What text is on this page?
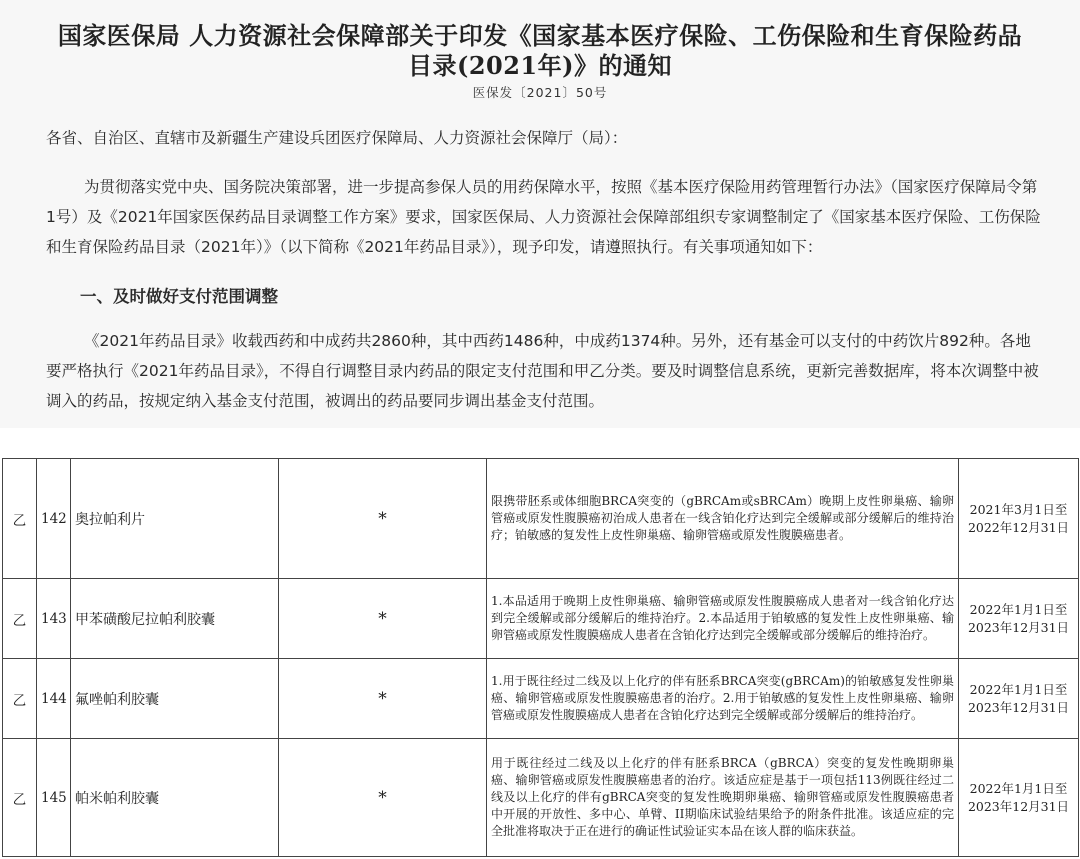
国家医保局 人力资源社会保障部关于印发《国家基本医疗保险、工伤保险和生育保险药品
目录(2021年)》的通知
医保发〔2021〕50号

各省、自治区、直辖市及新疆生产建设兵团医疗保障局、人力资源社会保障厅（局）：

为贯彻落实党中央、国务院决策部署，进一步提高参保人员的用药保障水平，按照《基本医疗保险用药管理暂行办法》（国家医疗保障局令第1号）及《2021年国家医保药品目录调整工作方案》要求，国家医保局、人力资源社会保障部组织专家调整制定了《国家基本医疗保险、工伤保险和生育保险药品目录（2021年）》（以下简称《2021年药品目录》），现予印发，请遵照执行。有关事项通知如下：

一、及时做好支付范围调整

《2021年药品目录》收载西药和中成药共2860种，其中西药1486种，中成药1374种。另外，还有基金可以支付的中药饮片892种。各地要严格执行《2021年药品目录》，不得自行调整目录内药品的限定支付范围和甲乙分类。要及时调整信息系统，更新完善数据库，将本次调整中被调入的药品，按规定纳入基金支付范围，被调出的药品要同步调出基金支付范围。

乙	142	奥拉帕利片	*	限携带胚系或体细胞BRCA突变的（gBRCAm或sBRCAm）晚期上皮性卵巢癌、输卵管癌或原发性腹膜癌初治成人患者在一线含铂化疗达到完全缓解或部分缓解后的维持治疗；铂敏感的复发性上皮性卵巢癌、输卵管癌或原发性腹膜癌患者。	2021年3月1日至2022年12月31日
乙	143	甲苯磺酸尼拉帕利胶囊	*	1.本品适用于晚期上皮性卵巢癌、输卵管癌或原发性腹膜癌成人患者对一线含铂化疗达到完全缓解或部分缓解后的维持治疗。2.本品适用于铂敏感的复发性上皮性卵巢癌、输卵管癌或原发性腹膜癌成人患者在含铂化疗达到完全缓解或部分缓解后的维持治疗。	2022年1月1日至2023年12月31日
乙	144	氟唑帕利胶囊	*	1.用于既往经过二线及以上化疗的伴有胚系BRCA突变(gBRCAm)的铂敏感复发性卵巢癌、输卵管癌或原发性腹膜癌患者的治疗。2.用于铂敏感的复发性上皮性卵巢癌、输卵管癌或原发性腹膜癌成人患者在含铂化疗达到完全缓解或部分缓解后的维持治疗。	2022年1月1日至2023年12月31日
乙	145	帕米帕利胶囊	*	用于既往经过二线及以上化疗的伴有胚系BRCA（gBRCA）突变的复发性晚期卵巢癌、输卵管癌或原发性腹膜癌患者的治疗。该适应症是基于一项包括113例既往经过二线及以上化疗的伴有gBRCA突变的复发性晚期卵巢癌、输卵管癌或原发性腹膜癌患者中开展的开放性、多中心、单臂、II期临床试验结果给予的附条件批准。该适应症的完全批准将取决于正在进行的确证性试验证实本品在该人群的临床获益。	2022年1月1日至2023年12月31日
